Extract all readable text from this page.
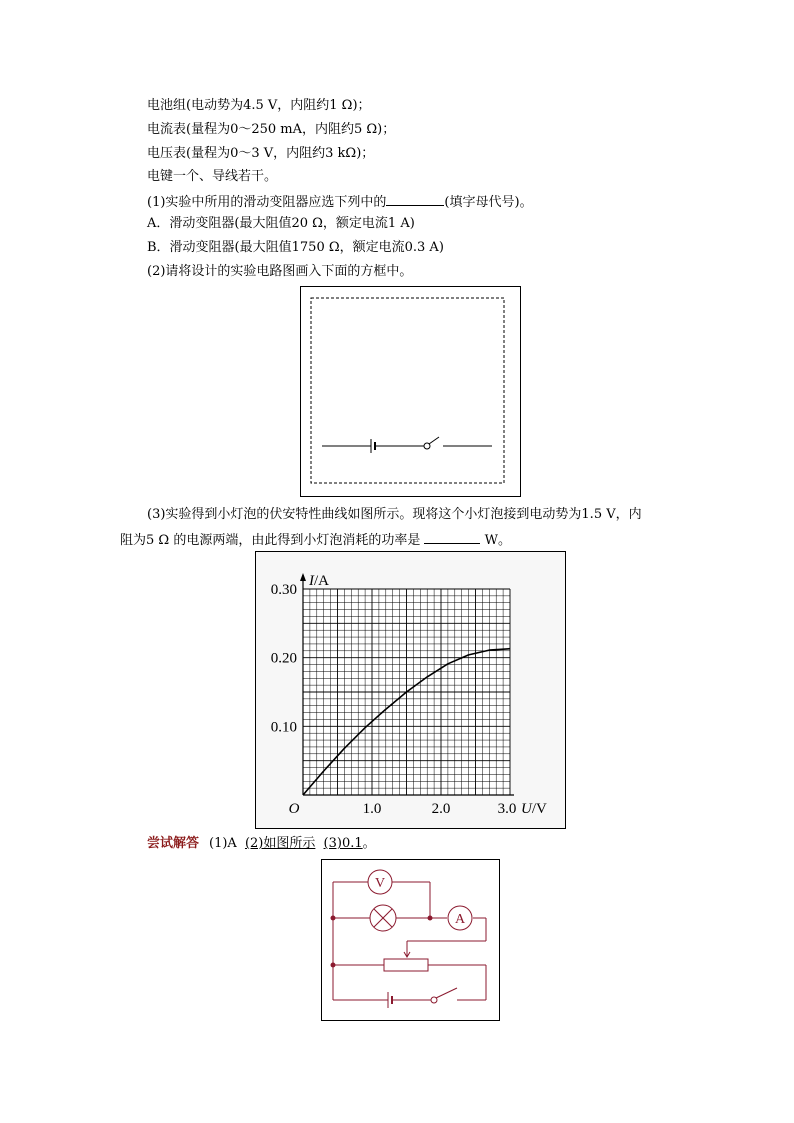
电池组(电动势为4.5 V，内阻约1 Ω)；
电流表(量程为0～250 mA，内阻约5 Ω)；
电压表(量程为0～3 V，内阻约3 kΩ)；
电键一个、导线若干。
(1)实验中所用的滑动变阻器应选下列中的	(填字母代号)。
A．滑动变阻器(最大阻值20 Ω，额定电流1 A)
B．滑动变阻器(最大阻值1750 Ω，额定电流0.3 A)
(2)请将设计的实验电路图画入下面的方框中。
(3)实验得到小灯泡的伏安特性曲线如图所示。现将这个小灯泡接到电动势为1.5 V，内
阻为5 Ω 的电源两端，由此得到小灯泡消耗的功率是	W。
0.10
0.20
0.30
1.0	2.0	3.0
O
I/A
U/V
尝试解答 (1)A (2)如图所示 (3)0.1。
V
A
